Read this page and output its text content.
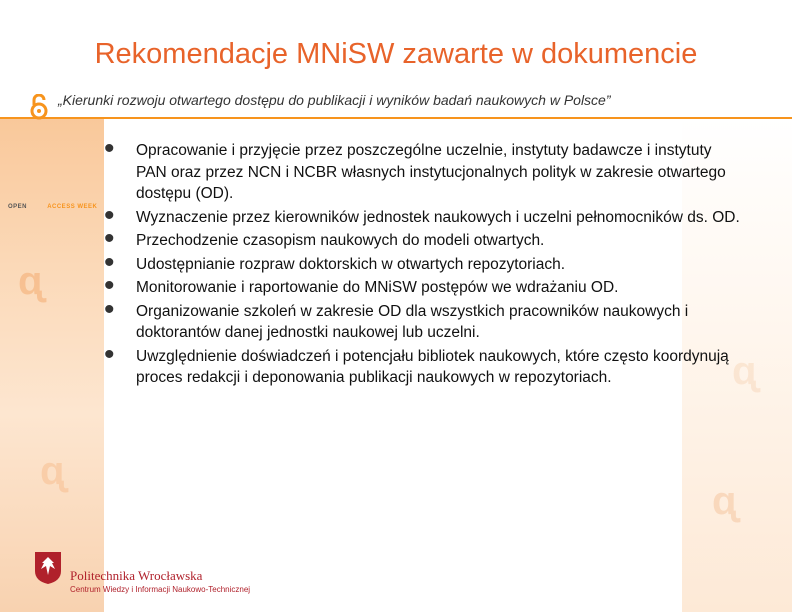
ᶐ
ᶐ
ᶐ
ᶐ
OPEN	ACCESS WEEK
Rekomendacje MNiSW zawarte w dokumencie
„Kierunki rozwoju otwartego dostępu do publikacji i wyników badań naukowych w Polsce”
• Opracowanie i przyjęcie przez poszczególne uczelnie, instytuty badawcze i instytuty PAN oraz przez NCN i NCBR własnych instytucjonalnych polityk w zakresie otwartego dostępu (OD).
• Wyznaczenie przez kierowników jednostek naukowych i uczelni pełnomocników ds. OD.
• Przechodzenie czasopism naukowych do modeli otwartych.
• Udostępnianie rozpraw doktorskich w otwartych repozytoriach.
• Monitorowanie i raportowanie do MNiSW postępów we wdrażaniu OD.
• Organizowanie szkoleń w zakresie OD dla wszystkich pracowników naukowych i doktorantów danej jednostki naukowej lub uczelni.
• Uwzględnienie doświadczeń i potencjału bibliotek naukowych, które często koordynują proces redakcji i deponowania publikacji naukowych w repozytoriach.
Politechnika Wrocławska
Centrum Wiedzy i Informacji Naukowo-Technicznej
